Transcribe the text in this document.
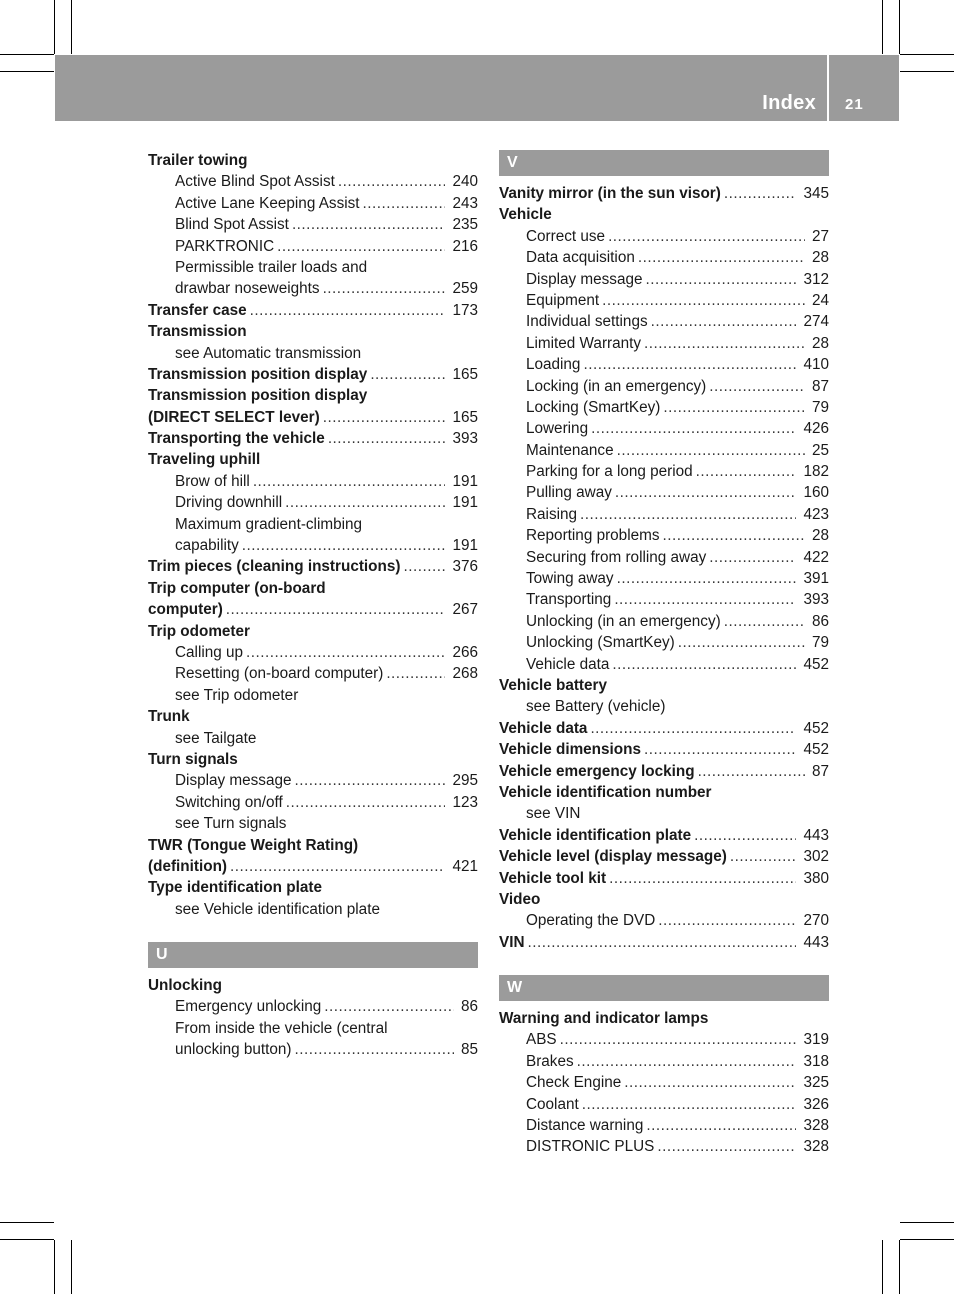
Index 21
Trailer towing
Active Blind Spot Assist .....	240
Active Lane Keeping Assist .....	243
Blind Spot Assist .....	235
PARKTRONIC .....	216
Permissible trailer loads and
drawbar noseweights .....	259
Transfer case .....	173
Transmission
see Automatic transmission
Transmission position display .....	165
Transmission position display
(DIRECT SELECT lever) .....	165
Transporting the vehicle .....	393
Traveling uphill
Brow of hill .....	191
Driving downhill .....	191
Maximum gradient-climbing
capability .....	191
Trim pieces (cleaning instructions) .....	376
Trip computer (on-board
computer) .....	267
Trip odometer
Calling up .....	266
Resetting (on-board computer) .....	268
see Trip odometer
Trunk
see Tailgate
Turn signals
Display message .....	295
Switching on/off .....	123
see Turn signals
TWR (Tongue Weight Rating)
(definition) .....	421
Type identification plate
see Vehicle identification plate
U
Unlocking
Emergency unlocking .....	86
From inside the vehicle (central
unlocking button) .....	85
V
Vanity mirror (in the sun visor) .....	345
Vehicle
Correct use .....	27
Data acquisition .....	28
Display message .....	312
Equipment .....	24
Individual settings .....	274
Limited Warranty .....	28
Loading .....	410
Locking (in an emergency) .....	87
Locking (SmartKey) .....	79
Lowering .....	426
Maintenance .....	25
Parking for a long period .....	182
Pulling away .....	160
Raising .....	423
Reporting problems .....	28
Securing from rolling away .....	422
Towing away .....	391
Transporting .....	393
Unlocking (in an emergency) .....	86
Unlocking (SmartKey) .....	79
Vehicle data .....	452
Vehicle battery
see Battery (vehicle)
Vehicle data .....	452
Vehicle dimensions .....	452
Vehicle emergency locking .....	87
Vehicle identification number
see VIN
Vehicle identification plate .....	443
Vehicle level (display message) .....	302
Vehicle tool kit .....	380
Video
Operating the DVD .....	270
VIN .....	443
W
Warning and indicator lamps
ABS .....	319
Brakes .....	318
Check Engine .....	325
Coolant .....	326
Distance warning .....	328
DISTRONIC PLUS .....	328
